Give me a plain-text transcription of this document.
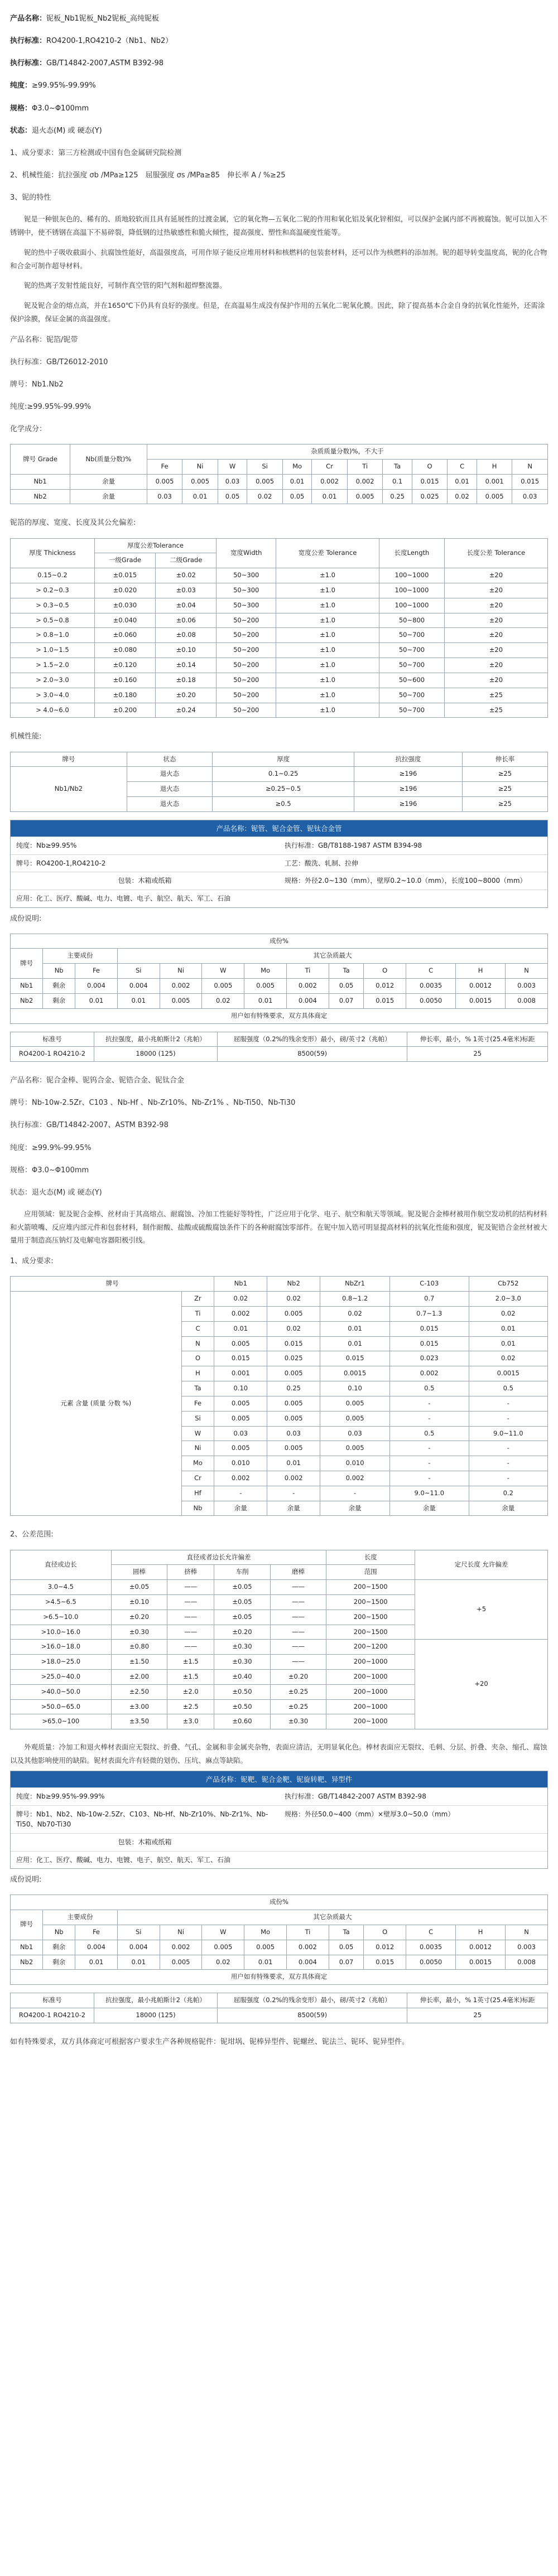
产品名称：铌板_Nb1铌板_Nb2铌板_高纯铌板

执行标准：RO4200-1,RO4210-2（Nb1、Nb2）

执行标准：GB/T14842-2007,ASTM B392-98

纯度：≥99.95%-99.99%

规格：Φ3.0~Φ100mm

状态：退火态(M) 或 硬态(Y)

1、成分要求：第三方检测或中国有色金属研究院检测

2、机械性能：抗拉强度 σb /MPa≥125　屈服强度 σs /MPa≥85　伸长率 A / %≥25

3、铌的特性

铌是一种银灰色的、稀有的、质地较软而且具有延展性的过渡金属，它的氧化物—五氧化二铌的作用和氧化铝及氧化锌相似，可以保护金属内部不再被腐蚀。铌可以加入不锈钢中，使不锈钢在高温下不易碎裂，降低钢的过热敏感性和脆火倾性，提高强度、塑性和高温硬度性能等。

铌的热中子吸收截面小、抗腐蚀性能好，高温强度高，可用作原子能反应堆用材料和核燃料的包装套材料，还可以作为核燃料的添加剂。铌的超导转变温度高，铌的化合物和合金可制作超导材料。

铌的热离子发射性能良好，可制作真空管的阳气剂和超焊整流器。

铌及铌合金的熔点高，并在1650℃下仍具有良好的强度。但是，在高温易生成没有保护作用的五氧化二铌氧化膜。因此，除了提高基本合金自身的抗氧化性能外，还需涂保护涂膜，保证金属的高温强度。

产品名称：铌箔/铌带

执行标准：GB/T26012-2010

牌号：Nb1.Nb2

纯度:≥99.95%-99.99%

化学成分：

牌号 Grade	Nb(质量分数)%	杂质质量分数)%，不大于											
		Fe	Ni	W	Si	Mo	Cr	Ti	Ta	O	C	H	N
Nb1	余量	0.005	0.005	0.03	0.005	0.01	0.002	0.002	0.1	0.015	0.01	0.001	0.015
Nb2	余量	0.03	0.01	0.05	0.02	0.05	0.01	0.005	0.25	0.025	0.02	0.005	0.03

铌箔的厚度、宽度、长度及其公允偏差:

厚度 Thickness	厚度公差Tolerance		宽度Width	宽度公差 Tolerance	长度Length	长度公差 Tolerance
	一级Grade	二级Grade				
0.15~0.2	±0.015	±0.02	50~300	±1.0	100~1000	±20
> 0.2~0.3	±0.020	±0.03	50~300	±1.0	100~1000	±20
> 0.3~0.5	±0.030	±0.04	50~300	±1.0	100~1000	±20
> 0.5~0.8	±0.040	±0.06	50~200	±1.0	50~800	±20
> 0.8~1.0	±0.060	±0.08	50~200	±1.0	50~700	±20
> 1.0~1.5	±0.080	±0.10	50~200	±1.0	50~700	±20
> 1.5~2.0	±0.120	±0.14	50~200	±1.0	50~700	±20
> 2.0~3.0	±0.160	±0.18	50~200	±1.0	50~600	±20
> 3.0~4.0	±0.180	±0.20	50~200	±1.0	50~700	±25
> 4.0~6.0	±0.200	±0.24	50~200	±1.0	50~700	±25

机械性能:

牌号	状态	厚度	抗拉强度	伸长率
Nb1/Nb2	退火态	0.1~0.25	≥196	≥25
	退火态	≥0.25~0.5	≥196	≥25
	退火态	≥0.5	≥196	≥25
产品名称：铌管、铌合金管、铌钛合金管
纯度：Nb≥99.95%	执行标准：GB/T8188-1987 ASTM B394-98
牌号：RO4200-1,RO4210-2	工艺：酸洗、轧制、拉伸
包装：木箱或纸箱	规格：外径2.0~130（mm），壁厚0.2~10.0（mm），长度100~8000（mm）
应用：化工、医疗、酸碱、电力、电镀、电子、航空、航天、军工、石油

成份说明:

成份%												
牌号	主要成份		其它杂质最大									
	Nb	Fe	Si	Ni	W	Mo	Ti	Ta	O	C	H	N
Nb1	剩余	0.004	0.004	0.002	0.005	0.005	0.002	0.05	0.012	0.0035	0.0012	0.003
Nb2	剩余	0.01	0.01	0.005	0.02	0.01	0.004	0.07	0.015	0.0050	0.0015	0.008
用户如有特殊要求，双方具体商定												
标准号	抗拉强度，最小兆帕斯计2（兆帕）	屈服强度（0.2%的残余变形）最小，磅/英寸2（兆帕）	伸长率，最小，% 1英寸(25.4毫米)标距
RO4200-1 RO4210-2	18000 (125)	8500(59)	25

产品名称：铌合金棒、铌钨合金、铌锆合金、铌钛合金

牌号：Nb-10w-2.5Zr、C103 、Nb-Hf 、Nb-Zr10%、Nb-Zr1% 、Nb-Ti50、Nb-Ti30

执行标准：GB/T14842-2007、ASTM B392-98

纯度：≥99.9%-99.95%

规格：Φ3.0~Φ100mm

状态：退火态(M) 或 硬态(Y)

应用领域：铌及铌合金棒、丝材由于其高熔点、耐腐蚀、冷加工性能好等特性，广泛应用于化学、电子、航空和航天等领域。铌及铌合金棒材被用作航空发动机的结构材料和火箭喷嘴、反应堆内部元件和包套材料，制作耐酸、盐酸或硫酸腐蚀条件下的各种耐腐蚀零部件。在铌中加入锆可明显提高材料的抗氧化性能和强度，铌及铌锆合金丝材被大量用于制造高压钠灯及电解电容器阳极引线。

1、成分要求:

牌号		Nb1	Nb2	NbZr1	C-103	Cb752
元素 含量 (质量 分数 %)	Zr	0.02	0.02	0.8~1.2	0.7	2.0~3.0
	Ti	0.002	0.005	0.02	0.7~1.3	0.02
	C	0.01	0.02	0.01	0.015	0.01
	N	0.005	0.015	0.01	0.015	0.01
	O	0.015	0.025	0.015	0.023	0.02
	H	0.001	0.005	0.0015	0.002	0.0015
	Ta	0.10	0.25	0.10	0.5	0.5
	Fe	0.005	0.005	0.005	-	-
	Si	0.005	0.005	0.005	-	-
	W	0.03	0.03	0.03	0.5	9.0~11.0
	Ni	0.005	0.005	0.005	-	-
	Mo	0.010	0.01	0.010	-	-
	Cr	0.002	0.002	0.002	-	-
	Hf	-	-	-	9.0~11.0	0.2
	Nb	余量	余量	余量	余量	余量

2、公差范围:

直径或边长	直径或者边长允许偏差				长度	定尺长度 允许偏差
	圆棒	挤棒	车削	磨棒	范围	
3.0~4.5	±0.05	——	±0.05	——	200~1500	+5
>4.5~6.5	±0.10	——	±0.05	——	200~1500	
>6.5~10.0	±0.20	——	±0.05	——	200~1500	
>10.0~16.0	±0.30	——	±0.20	——	200~1500	
>16.0~18.0	±0.80	——	±0.30	——	200~1200	+20
>18.0~25.0	±1.50	±1.5	±0.30	——	200~1000	
>25.0~40.0	±2.00	±1.5	±0.40	±0.20	200~1000	
>40.0~50.0	±2.50	±2.0	±0.50	±0.25	200~1000	
>50.0~65.0	±3.00	±2.5	±0.50	±0.25	200~1000	
>65.0~100	±3.50	±3.0	±0.60	±0.30	200~1000	

外观质量：冷加工和退火棒材表面应无裂纹、折叠、气孔、金属和非金属夹杂物，表面应清洁，无明显氧化色。棒材表面应无裂纹、毛刺、分层、折叠、夹杂、缩孔、腐蚀以及其他影响使用的缺陷。铌材表面允许有轻微的划伤、压坑、麻点等缺陷。

产品名称：铌靶、铌合金靶、铌旋转靶、异型件
纯度：Nb≥99.95%-99.99%	执行标准：GB/T14842-2007 ASTM B392-98
牌号：Nb1、Nb2、Nb-10w-2.5Zr、C103、Nb-Hf、Nb-Zr10%、Nb-Zr1%、Nb-Ti50、Nb70-Ti30
规格：外径50.0~400（mm）×壁厚3.0~50.0（mm）
包装：木箱或纸箱
应用：化工、医疗、酸碱、电力、电镀、电子、航空、航天、军工、石油

成份说明:

成份%												
牌号	主要成份		其它杂质最大									
	Nb	Fe	Si	Ni	W	Mo	Ti	Ta	O	C	H	N
Nb1	剩余	0.004	0.004	0.002	0.005	0.005	0.002	0.05	0.012	0.0035	0.0012	0.003
Nb2	剩余	0.01	0.01	0.005	0.02	0.01	0.004	0.07	0.015	0.0050	0.0015	0.008
用户如有特殊要求，双方具体商定												
标准号	抗拉强度，最小兆帕斯计2（兆帕）	屈服强度（0.2%的残余变形）最小，磅/英寸2（兆帕）	伸长率，最小，% 1英寸(25.4毫米)标距
RO4200-1 RO4210-2	18000 (125)	8500(59)	25

如有特殊要求，双方具体商定可根据客户要求生产各种规格铌件：铌坩埚、铌棒异型件、铌螺丝、铌法兰、铌环、铌异型件。
